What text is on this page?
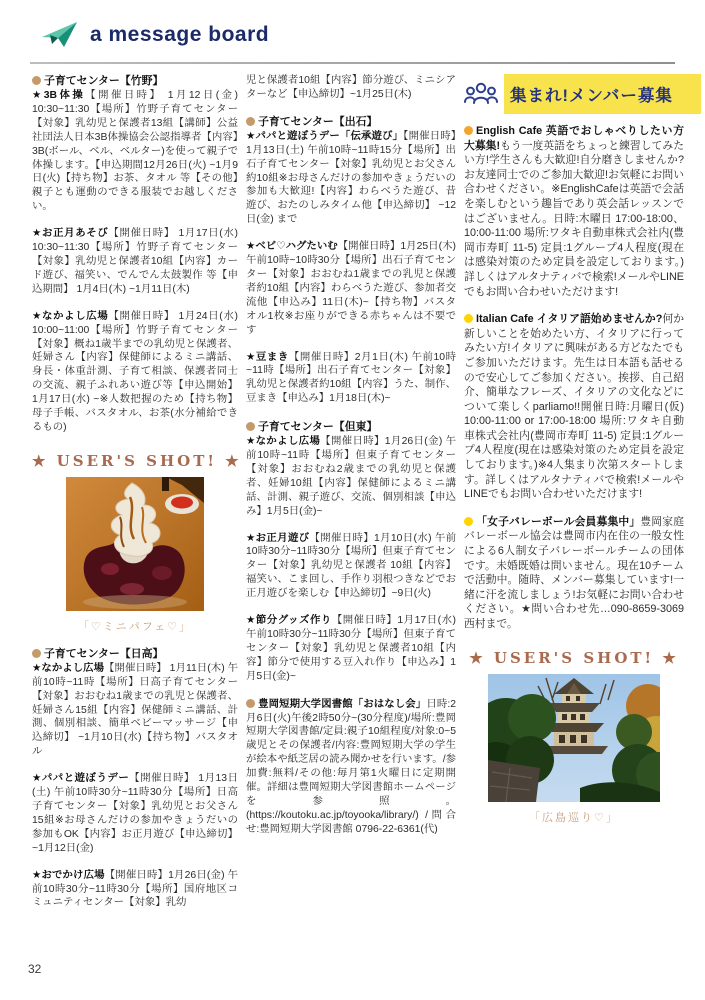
a message board
子育てセンター【竹野】

★3B体操【開催日時】 1月12日(金) 10:30~11:30【場所】竹野子育てセンター【対象】乳幼児と保護者13組【講師】公益社団法人日本3B体操協会公認指導者【内容】3B(ボール、ベル、ベルター)を使って親子で体操します。【申込期間12月26日(火) ~1月9日(火)【持ち物】お茶、タオル 等【その他】親子とも運動のできる服装でお越しください。

★お正月あそび【開催日時】 1月17日(水) 10:30~11:30【場所】竹野子育てセンター【対象】乳幼児と保護者10組【内容】カード遊び、福笑い、でんでん太鼓製作 等【申込期間】 1月4日(木) ~1月11日(木)

★なかよし広場【開催日時】 1月24日(水) 10:00~11:00【場所】竹野子育てセンター【対象】概ね1歳半までの乳幼児と保護者、妊婦さん【内容】保健師によるミニ講話、身長・体重計測、子育て相談、保護者同士の交流、親子ふれあい遊び等【申込開始】 1月17日(水) ~※人数把握のため【持ち物】母子手帳、バスタオル、お茶(水分補給できるもの)

★ USER'S SHOT! ★
「♡ミニパフェ♡」
子育てセンター【日高】

★なかよし広場【開催日時】 1月11日(木) 午前10時~11時【場所】日高子育てセンター【対象】おおむね1歳までの乳児と保護者、妊婦さん15組【内容】保健師ミニ講話、計測、個別相談、簡単ベビーマッサージ【申込締切】 ~1月10日(水)【持ち物】バスタオル

★パパと遊ぼうデー【開催日時】 1月13日(土) 午前10時30分~11時30分【場所】日高子育てセンター【対象】乳幼児とお父さん15組※お母さんだけの参加やきょうだいの参加もOK【内容】お正月遊び【申込締切】 ~1月12日(金)

★おでかけ広場【開催日時】1月26日(金) 午前10時30分~11時30分【場所】国府地区コミュニティセンター【対象】乳幼

児と保護者10組【内容】節分遊び、ミニシアターなど【申込締切】~1月25日(木)

子育てセンター【出石】

★パパと遊ぼうデー「伝承遊び」【開催日時】1月13日(土) 午前10時~11時15分【場所】出石子育てセンター【対象】乳幼児とお父さん約10組※お母さんだけの参加やきょうだいの参加も大歓迎!【内容】わらべうた遊び、昔遊び、おたのしみタイム他【申込締切】 ~12日(金) まで

★ベビ♡ハグたいむ【開催日時】1月25日(木) 午前10時~10時30分【場所】出石子育てセンター【対象】おおむね1歳までの乳児と保護者約10組【内容】わらべうた遊び、参加者交流他【申込み】11日(木)~【持ち物】バスタオル1枚※お座りができる赤ちゃんは不要です

★豆まき【開催日時】2月1日(木) 午前10時~11時【場所】出石子育てセンター【対象】乳幼児と保護者約10組【内容】うた、制作、豆まき【申込み】1月18日(木)~

子育てセンター【但東】

★なかよし広場【開催日時】1月26日(金) 午前10時~11時【場所】但東子育てセンター【対象】おおむね2歳までの乳幼児と保護者、妊婦10組【内容】保健師によるミニ講話、計測、親子遊び、交流、個別相談【申込み】1月5日(金)~

★お正月遊び【開催日時】1月10日(水) 午前10時30分~11時30分【場所】但東子育てセンター【対象】乳幼児と保護者 10組【内容】福笑い、こま回し、手作り羽根つきなどでお正月遊びを楽しむ【申込締切】~9日(火)

★節分グッズ作り【開催日時】1月17日(水) 午前10時30分~11時30分【場所】但東子育てセンター【対象】乳幼児と保護者10組【内容】節分で使用する豆入れ作り【申込み】1月5日(金)~

豊岡短期大学図書館「おはなし会」日時:2月6日(火)午後2時50分~(30分程度)/場所:豊岡短期大学図書館/定員:親子10組程度/対象:0~5歳児とその保護者/内容:豊岡短期大学の学生が絵本や紙芝居の読み聞かせを行います。/参加費:無料/その他:毎月第1火曜日に定期開催。詳細は豊岡短期大学図書館ホームページを参照。(https://koutoku.ac.jp/toyooka/library/) /問合せ:豊岡短期大学図書館 0796-22-6361(代)

集まれ!メンバー募集

English Cafe 英語でおしゃべりしたい方大募集!もう一度英語をちょっと練習してみたい方!学生さんも大歓迎!自分磨きしませんか?お友達同士でのご参加大歓迎!お気軽にお問い合わせください。※EnglishCafeは英語で会話を楽しむという趣旨であり英会話レッスンではございません。日時:木曜日 17:00-18:00、10:00-11:00 場所:ワタキ自動車株式会社内(豊岡市寿町 11-5) 定員:1グループ4人程度(現在は感染対策のため定員を設定しております。)詳しくはアルタナティバで検索!メールやLINEでもお問い合わせいただけます!

Italian Cafe イタリア語始めませんか?何か新しいことを始めたい方、イタリアに行ってみたい方!イタリアに興味がある方どなたでもご参加いただけます。先生は日本語も話せるので安心してご参加ください。挨拶、自己紹介、簡単なフレーズ、イタリアの文化などについて楽しくparliamo!!開催日時:月曜日(仮) 10:00-11:00 or 17:00-18:00 場所:ワタキ自動車株式会社内(豊岡市寿町 11-5) 定員:1グループ4人程度(現在は感染対策のため定員を設定しております。)※4人集まり次第スタートします。詳しくはアルタナティバで検索!メールやLINEでもお問い合わせいただけます!

「女子バレーボール会員募集中」豊岡家庭バレーボール協会は豊岡市内在住の一般女性による6人制女子バレーボールチームの団体です。未婚既婚は問いません。現在10チームで活動中。随時、メンバー募集しています!一緒に汗を流しましょう!お気軽にお問い合わせください。★問い合わせ先…090-8659-3069 西村まで。

★ USER'S SHOT! ★
「広島巡り♡」
32
